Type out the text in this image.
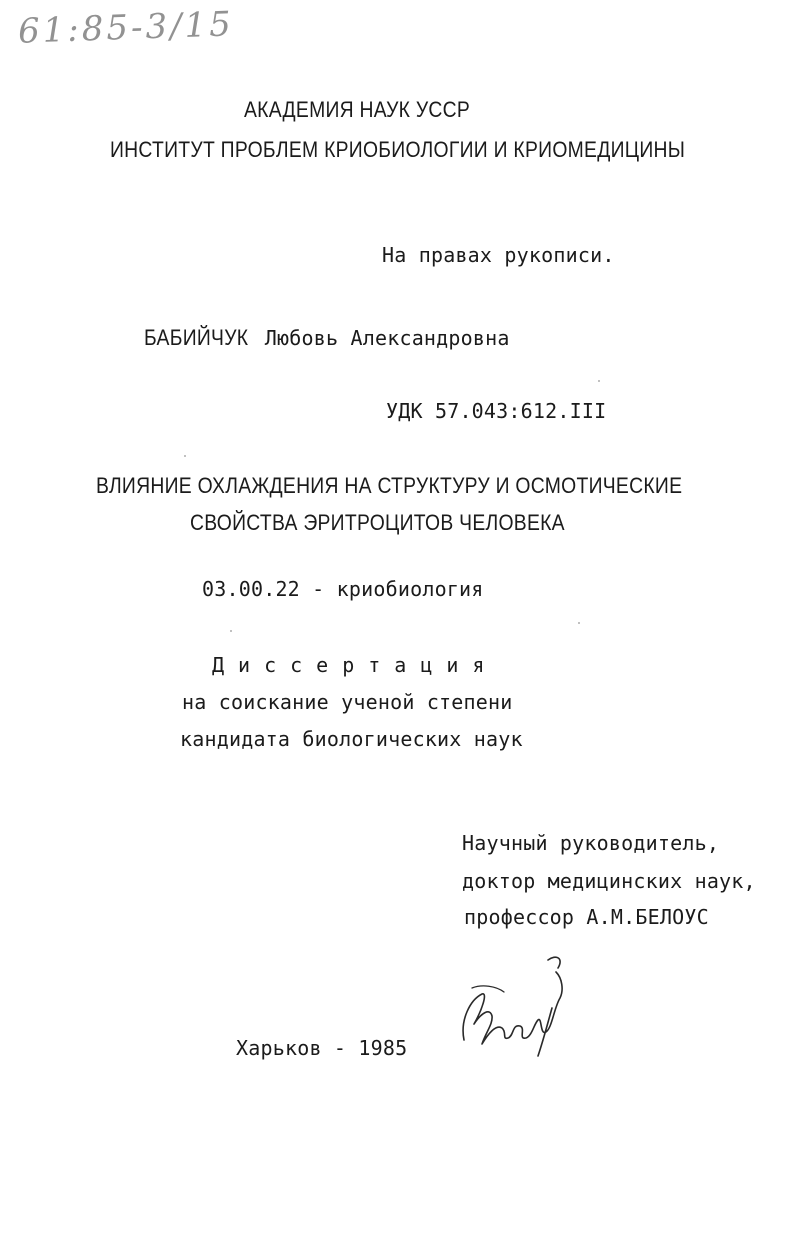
61:85-3/15
АКАДЕМИЯ НАУК УССР
ИНСТИТУТ ПРОБЛЕМ КРИОБИОЛОГИИ И КРИОМЕДИЦИНЫ
На правах рукописи.
БАБИЙЧУК Любовь Александровна
УДК 57.043:612.III
ВЛИЯНИЕ ОХЛАЖДЕНИЯ НА СТРУКТУРУ И ОСМОТИЧЕСКИЕ
СВОЙСТВА ЭРИТРОЦИТОВ ЧЕЛОВЕКА
03.00.22 - криобиология
Диссертация
на соискание ученой степени
кандидата биологических наук
Научный руководитель,
доктор медицинских наук,
профессор А.М.БЕЛОУС
Харьков - 1985
